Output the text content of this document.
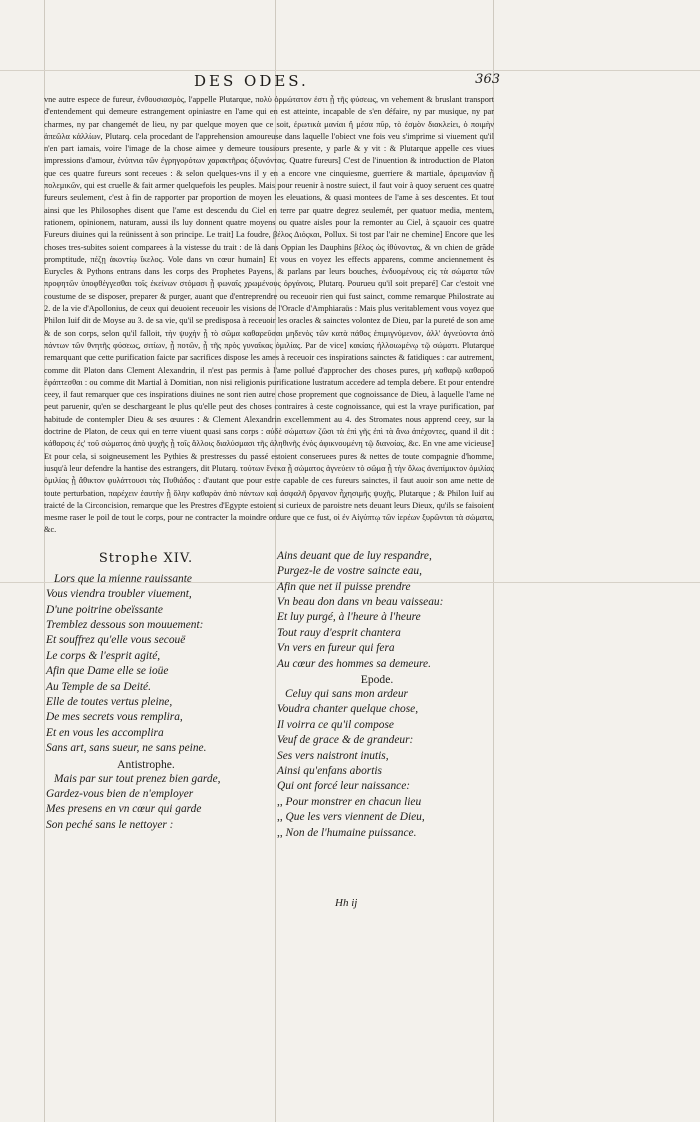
DES ODES.	363

vne autre espece de fureur, ἐνθουσιασμὸς, l'appelle Plutarque, πολὺ ὁρμώτατον ἐστι ᾗ τῆς φύσεως, vn vehement & bruslant transport d'entendement qui demeure estrangement opiniastre en l'ame qui en est atteinte, incapable de s'en défaire, ny par musique, ny par charmes, ny par changemét de lieu, ny par quelque moyen que ce soit, ἐρωτικὰ μανίαι ἢ μέσα πῦρ, τὸ ἐσμὸν διακλείει, ὁ ποιμὴν ἀπεῶλα κἀλλίων, Plutarq. cela procedant de l'apprehension amoureuse dans laquelle l'obiect vne fois veu s'imprime si viuement qu'il n'en part iamais, voire l'image de la chose aimee y demeure tousiours presente, y parle & y vit : & Plutarque appelle ces viues impressions d'amour, ἐνύπνια τῶν ἐγρηγορότων χαρακτῆρας ὀξυνόντας. Quatre fureurs] C'est de l'inuention & introduction de Platon que ces quatre fureurs sont receues : & selon quelques-vns il y en a encore vne cinquiesme, guerriere & martiale, ἀρειμανίαν ᾗ πολεμικῶν, qui est cruelle & fait armer quelquefois les peuples. Mais pour reuenir à nostre suiect, il faut voir à quoy seruent ces quatre fureurs seulement, c'est à fin de rapporter par proportion de moyen les eleuations, & quasi montees de l'ame à ses descentes. Et tout ainsi que les Philosophes disent que l'ame est descendu du Ciel en terre par quatre degrez seulemét, per quatuor media, mentem, rationem, opinionem, naturam, aussi ils luy donnent quatre moyens ou quatre aisles pour la remonter au Ciel, à sçauoir ces quatre Fureurs diuines qui la reünissent à son principe. Le trait] La foudre, βέλος Διόςκαι, Pollux. Si tost par l'air ne chemine] Encore que les choses tres-subites soient comparees à la vistesse du trait : de là dans Oppian les Dauphins βέλος ὡς ἰθύνοντας, & vn chien de grãde promptitude, πέζῃ ἀκοντίῳ ἴκελος. Vole dans vn cœur humain] Et vous en voyez les effects apparens, comme anciennement ès Eurycles & Pythons entrans dans les corps des Prophetes Payens, & parlans par leurs bouches, ἐνδυομένους εἰς τὰ σώματα τῶν προφητῶν ὑποφθέγγεσθαι τοῖς ἐκείνων στόμασι ᾗ φωναῖς χρωμένους ὀργάνοις, Plutarq. Pourueu qu'il soit preparé] Car c'estoit vne coustume de se disposer, preparer & purger, auant que d'entreprendre ou receuoir rien qui fust sainct, comme remarque Philostrate au 2. de la vie d'Apollonius, de ceux qui deuoient receuoir les visions de l'Oracle d'Amphiaraüs : Mais plus veritablement vous voyez que Philon Iuif dit de Moyse au 3. de sa vie, qu'il se predisposa à receuoir les oracles & sainctes volontez de Dieu, par la pureté de son ame & de son corps, selon qu'il falloit, τὴν ψυχὴν ᾗ τὸ σῶμα καθαρεῦσαι μηδενὸς τῶν κατὰ πάθος ἐπιμιγνύμενον, ἀλλ' ἁγνεύοντα ἀπὸ πάντων τῶν θνητῆς φύσεως, σιτίων, ᾗ ποτῶν, ᾗ τῆς πρὸς γυναῖκας ὁμιλίας. Par de vice] κακίαις ἠλλοιωμένῳ τῷ σώματι. Plutarque remarquant que cette purification faicte par sacrifices dispose les ames à receuoir ces inspirations sainctes & fatidiques : car autrement, comme dit Platon dans Clement Alexandrin, il n'est pas permis à l'ame pollué d'approcher des choses pures, μὴ καθαρῷ καθαροῦ ἐφάπτεσθαι : ou comme dit Martial à Domitian, non nisi religionis purificatione lustratum accedere ad templa debere. Et pour entendre ceey, il faut remarquer que ces inspirations diuines ne sont rien autre chose proprement que cognoissance de Dieu, à laquelle l'ame ne peut paruenir, qu'en se deschargeant le plus qu'elle peut des choses contraires à ceste cognoissance, qui est la vraye purification, par habitude de contempler Dieu & ses œuures : & Clement Alexandrin excellemment au 4. des Stromates nous apprend ceey, sur la doctrine de Platon, de ceux qui en terre viuent quasi sans corps : αὐδὲ σώματων ζῶσι τὰ ἐπὶ γῆς ἐπὶ τὰ ἄνω ἀπέχοντες, quand il dit : κάθαρσις ἐς' τοῦ σώματος ἀπὸ ψυχῆς ᾗ τοῖς ἄλλοις διαλύσμασι τῆς ἀληθινῆς ἐνὸς ἀφικνουμένη τῷ διανοίας, &c. En vne ame vicieuse] Et pour cela, si soigneusement les Pythies & prestresses du passé estoient conseruees pures & nettes de toute compagnie d'homme, iusqu'à leur defendre la hantise des estrangers, dit Plutarq. τούτων ἕνεκα ᾗ σώματος ἁγνεύειν τὸ σῶμα ᾗ τὴν ὅλως ἀνεπίμικτον ὁμιλίας ὁμιλίας ᾗ ἄθικτον φυλάττουσι τὰς Πυθιάδος : d'autant que pour estre capable de ces fureurs sainctes, il faut auoir son ame nette de toute perturbation, παρέχειν ἑαυτὴν ᾗ ὅλην καθαρὰν ἀπὸ πάντων καὶ ἀσφαλῆ ὄργανον ἦχησιμῆς ψυχῆς, Plutarque ; & Philon Iuif au traicté de la Circoncision, remarque que les Prestres d'Egypte estoient si curieux de paroistre nets deuant leurs Dieux, qu'ils se faisoient mesme raser le poil de tout le corps, pour ne contracter la moindre ordure que ce fust, οἱ ἐν Αἰγύπτῳ τῶν ἱερέων ξυρῶνται τὰ σώματα, &c.

Strophe XIV.
Lors que la mienne rauissante
Vous viendra troubler viuement,
D'une poitrine obeïssante
Tremblez dessous son mouuement:
Et souffrez qu'elle vous secouë
Le corps & l'esprit agité,
Afin que Dame elle se ioüe
Au Temple de sa Deité.
Elle de toutes vertus pleine,
De mes secrets vous remplira,
Et en vous les accomplira
Sans art, sans sueur, ne sans peine.
Antistrophe.
Mais par sur tout prenez bien garde,
Gardez-vous bien de n'employer
Mes presens en vn cœur qui garde
Son peché sans le nettoyer :
Ains deuant que de luy respandre,
Purgez-le de vostre saincte eau,
Afin que net il puisse prendre
Vn beau don dans vn beau vaisseau:
Et luy purgé, à l'heure à l'heure
Tout rauy d'esprit chantera
Vn vers en fureur qui fera
Au cœur des hommes sa demeure.
Epode.
Celuy qui sans mon ardeur
Voudra chanter quelque chose,
Il voirra ce qu'il compose
Veuf de grace & de grandeur:
Ses vers naistront inutis,
Ainsi qu'enfans abortis
Qui ont forcé leur naissance:
,, Pour monstrer en chacun lieu
,, Que les vers viennent de Dieu,
,, Non de l'humaine puissance.
Hh ij
